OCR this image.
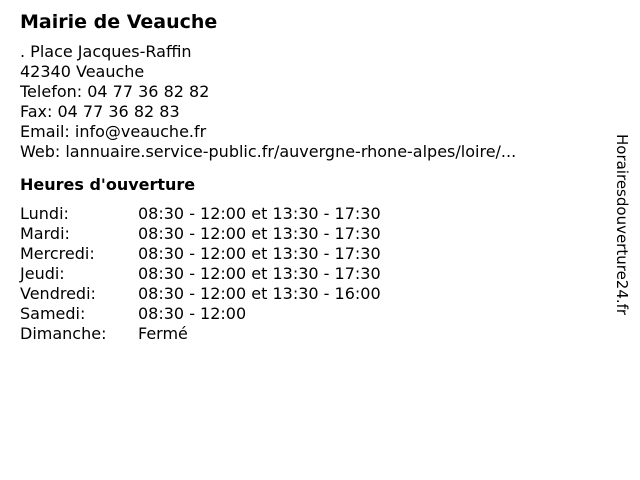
Mairie de Veauche
. Place Jacques-Raffin
42340 Veauche
Telefon: 04 77 36 82 82
Fax: 04 77 36 82 83
Email: info@veauche.fr
Web: lannuaire.service-public.fr/auvergne-rhone-alpes/loire/...
Heures d'ouverture
Lundi:	08:30 - 12:00 et 13:30 - 17:30
Mardi:	08:30 - 12:00 et 13:30 - 17:30
Mercredi:	08:30 - 12:00 et 13:30 - 17:30
Jeudi:	08:30 - 12:00 et 13:30 - 17:30
Vendredi:	08:30 - 12:00 et 13:30 - 16:00
Samedi:	08:30 - 12:00
Dimanche:	Fermé
Horairesdouverture24.fr
